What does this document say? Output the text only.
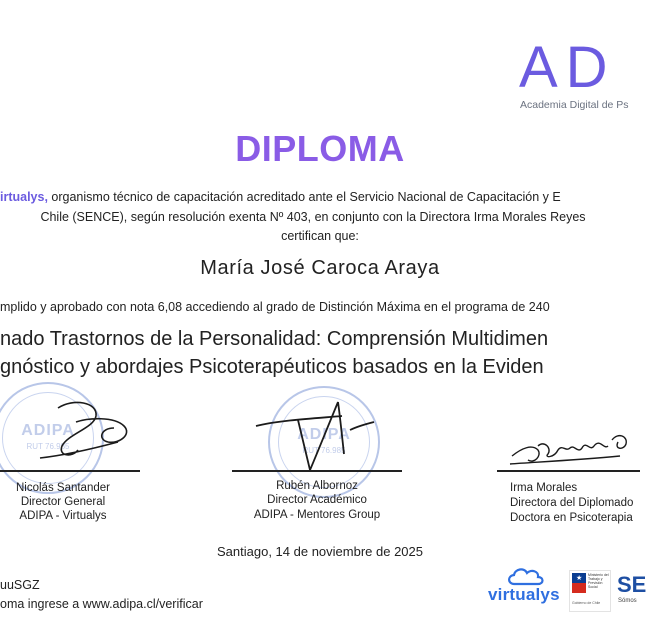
AD
Academia Digital de Ps
DIPLOMA
irtualys, organismo técnico de capacitación acreditado ante el Servicio Nacional de Capacitación y E
Chile (SENCE), según resolución exenta Nº 403, en conjunto con la Directora Irma Morales Reyes
certifican que:
María José Caroca Araya
mplido y aprobado con nota 6,08 accediendo al grado de Distinción Máxima en el programa de 240
nado Trastornos de la Personalidad: Comprensión Multidimen
gnóstico y abordajes Psicoterapéuticos basados en la Eviden
ADIPA
RUT 76.985
ADIPA
RUT 76.985
Nicolás Santander
Director General
ADIPA - Virtualys
Rubén Albornoz
Director Académico
ADIPA - Mentores Group
Irma Morales
Directora del Diplomado
Doctora en Psicoterapia
Santiago, 14 de noviembre de 2025
uuSGZ
oma ingrese a www.adipa.cl/verificar	virtualys
★ Ministerio del
Trabajo y
Previsión
Social
Gobierno de Chile
SE
Sómos
